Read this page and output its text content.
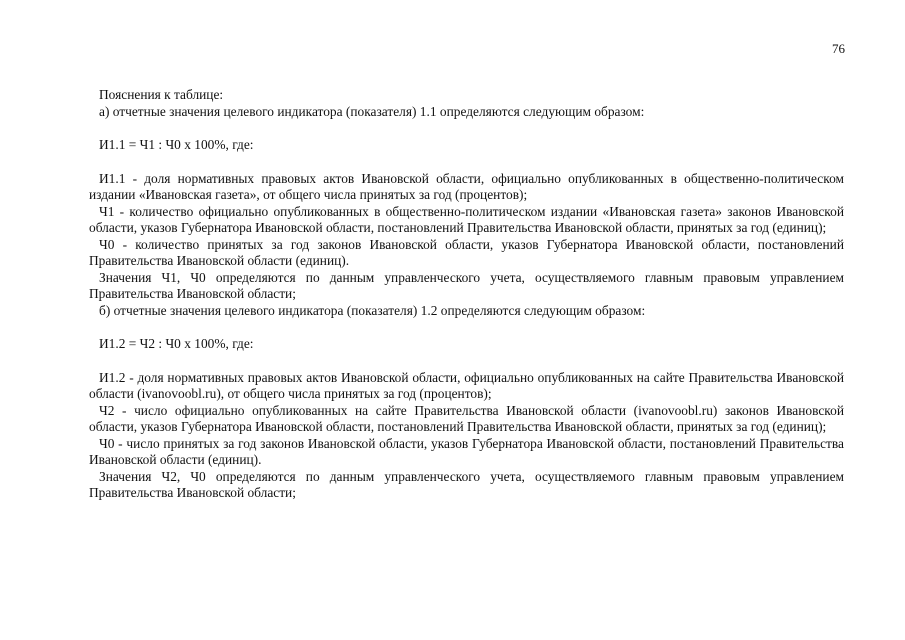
76

Пояснения к таблице:

а) отчетные значения целевого индикатора (показателя) 1.1 определяются следующим образом:

И1.1 = Ч1 : Ч0 х 100%, где:

И1.1 - доля нормативных правовых актов Ивановской области, официально опубликованных в общественно-политическом издании «Ивановская газета», от общего числа принятых за год (процентов);

Ч1 - количество официально опубликованных в общественно-политическом издании «Ивановская газета» законов Ивановской области, указов Губернатора Ивановской области, постановлений Правительства Ивановской области, принятых за год (единиц);

Ч0 - количество принятых за год законов Ивановской области, указов Губернатора Ивановской области, постановлений Правительства Ивановской области (единиц).

Значения Ч1, Ч0 определяются по данным управленческого учета, осуществляемого главным правовым управлением Правительства Ивановской области;

б) отчетные значения целевого индикатора (показателя) 1.2 определяются следующим образом:

И1.2 = Ч2 : Ч0 х 100%, где:

И1.2 - доля нормативных правовых актов Ивановской области, официально опубликованных на сайте Правительства Ивановской области (ivanovoobl.ru), от общего числа принятых за год (процентов);

Ч2 - число официально опубликованных на сайте Правительства Ивановской области (ivanovoobl.ru) законов Ивановской области, указов Губернатора Ивановской области, постановлений Правительства Ивановской области, принятых за год (единиц);

Ч0 - число принятых за год законов Ивановской области, указов Губернатора Ивановской области, постановлений Правительства Ивановской области (единиц).

Значения Ч2, Ч0 определяются по данным управленческого учета, осуществляемого главным правовым управлением Правительства Ивановской области;
